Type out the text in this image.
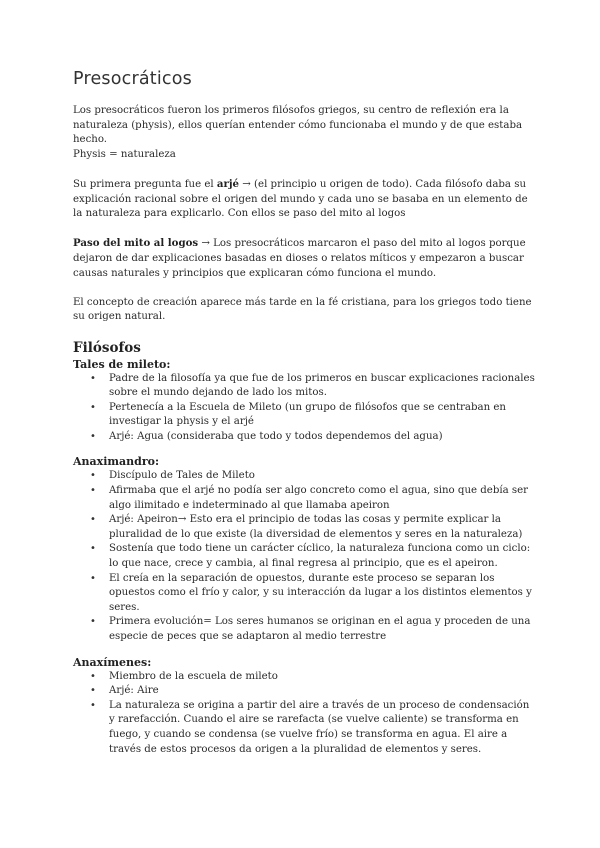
Presocráticos

Los presocráticos fueron los primeros filósofos griegos, su centro de reflexión era la naturaleza (physis), ellos querían entender cómo funcionaba el mundo y de que estaba hecho.

Physis = naturaleza

Su primera pregunta fue el arjé → (el principio u origen de todo). Cada filósofo daba su explicación racional sobre el origen del mundo y cada uno se basaba en un elemento de la naturaleza para explicarlo. Con ellos se paso del mito al logos

Paso del mito al logos → Los presocráticos marcaron el paso del mito al logos porque dejaron de dar explicaciones basadas en dioses o relatos míticos y empezaron a buscar causas naturales y principios que explicaran cómo funciona el mundo.

El concepto de creación aparece más tarde en la fé cristiana, para los griegos todo tiene su origen natural.

Filósofos
Tales de mileto:
• Padre de la filosofía ya que fue de los primeros en buscar explicaciones racionales sobre el mundo dejando de lado los mitos.
• Pertenecía a la Escuela de Mileto (un grupo de filósofos que se centraban en investigar la physis y el arjé
• Arjé: Agua (consideraba que todo y todos dependemos del agua)
Anaximandro:
• Discípulo de Tales de Mileto
• Afirmaba que el arjé no podía ser algo concreto como el agua, sino que debía ser algo ilimitado e indeterminado al que llamaba apeiron
• Arjé: Apeiron→ Esto era el principio de todas las cosas y permite explicar la pluralidad de lo que existe (la diversidad de elementos y seres en la naturaleza)
• Sostenía que todo tiene un carácter cíclico, la naturaleza funciona como un ciclo: lo que nace, crece y cambia, al final regresa al principio, que es el apeiron.
• El creía en la separación de opuestos, durante este proceso se separan los opuestos como el frío y calor, y su interacción da lugar a los distintos elementos y seres.
• Primera evolución= Los seres humanos se originan en el agua y proceden de una especie de peces que se adaptaron al medio terrestre
Anaxímenes:
• Miembro de la escuela de mileto
• Arjé: Aire
• La naturaleza se origina a partir del aire a través de un proceso de condensación y rarefacción. Cuando el aire se rarefacta (se vuelve caliente) se transforma en fuego, y cuando se condensa (se vuelve frío) se transforma en agua. El aire a través de estos procesos da origen a la pluralidad de elementos y seres.
